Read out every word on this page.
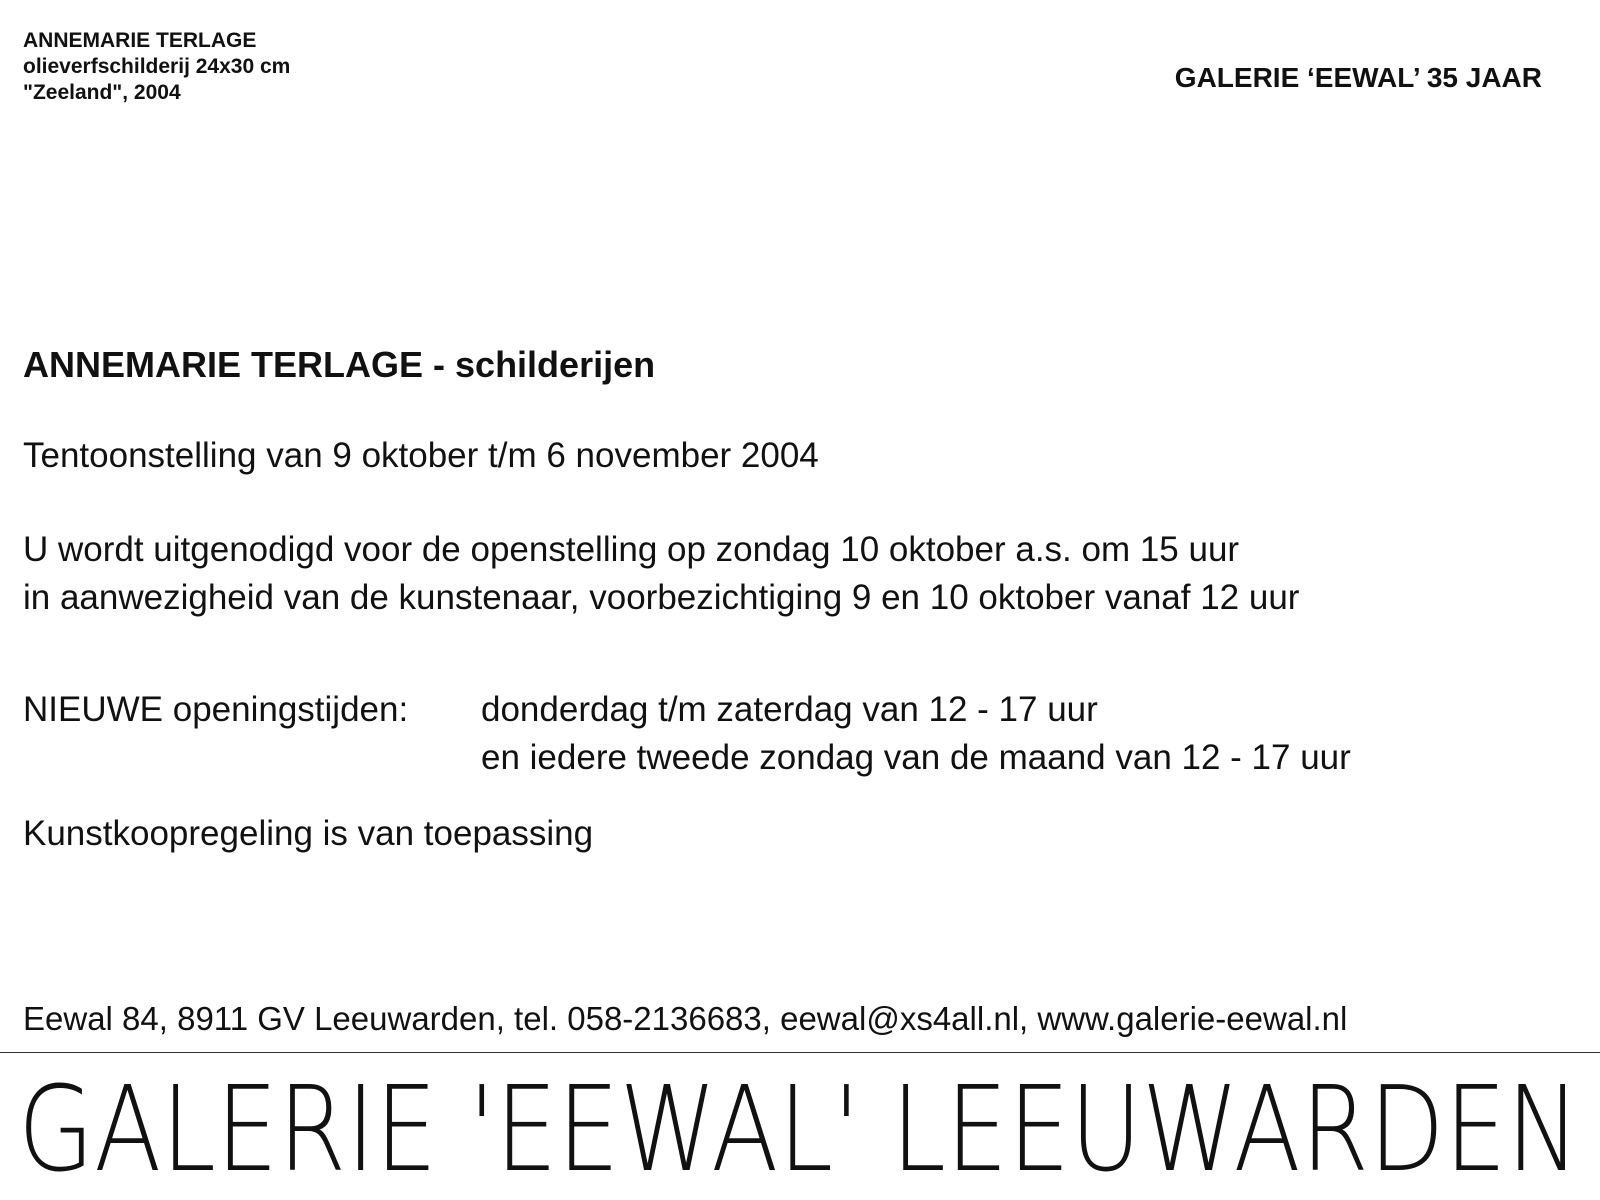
ANNEMARIE TERLAGE
olieverfschilderij 24x30 cm
"Zeeland", 2004	GALERIE ‘EEWAL’ 35 JAAR
ANNEMARIE TERLAGE - schilderijen
Tentoonstelling van 9 oktober t/m 6 november 2004
U wordt uitgenodigd voor de openstelling op zondag 10 oktober a.s. om 15 uur
in aanwezigheid van de kunstenaar, voorbezichtiging 9 en 10 oktober vanaf 12 uur
NIEUWE openingstijden:	donderdag t/m zaterdag van 12 - 17 uur
en iedere tweede zondag van de maand van 12 - 17 uur
Kunstkoopregeling is van toepassing
Eewal 84, 8911 GV Leeuwarden, tel. 058-2136683, eewal@xs4all.nl, www.galerie-eewal.nl
GALERIE 'EEWAL' LEEUWARDEN
